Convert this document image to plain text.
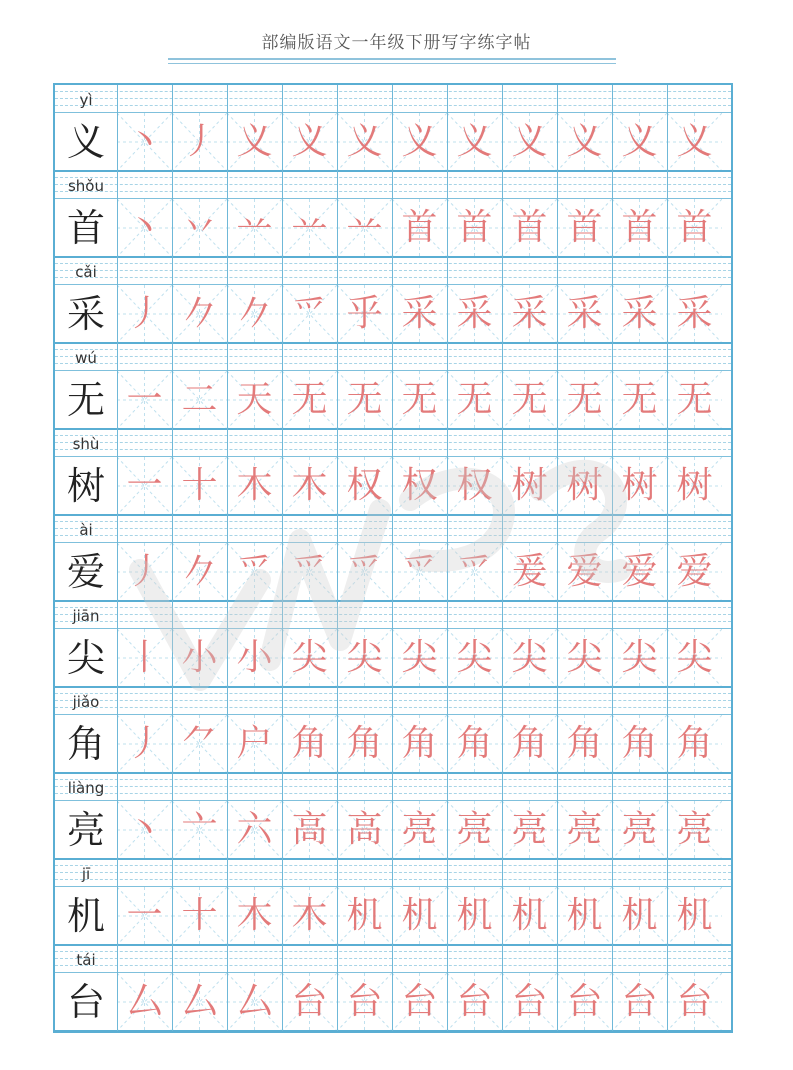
部编版语文一年级下册写字练字帖
yì
义 丶 丿 义 义 义 义 义 义 义 义 义
shǒu
首 丶 丷 䒑 䒑 䒑 首 首 首 首 首 首
cǎi
采 丿 𠂊 𠂊 爫 乎 采 采 采 采 采 采
wú
无 一 二 天 无 无 无 无 无 无 无 无
shù
树 一 十 木 木 权 权 权 树 树 树 树
ài
爱 丿 𠂊 爫 爫 爫 爫 爫 爰 爱 爱 爱
jiān
尖 丨 小 小 尖 尖 尖 尖 尖 尖 尖 尖
jiǎo
角 丿 ⺈ 户 角 角 角 角 角 角 角 角
liàng
亮 丶 亠 六 高 高 亮 亮 亮 亮 亮 亮
jī
机 一 十 木 木 机 机 机 机 机 机 机
tái
台 厶 厶 厶 台 台 台 台 台 台 台 台
